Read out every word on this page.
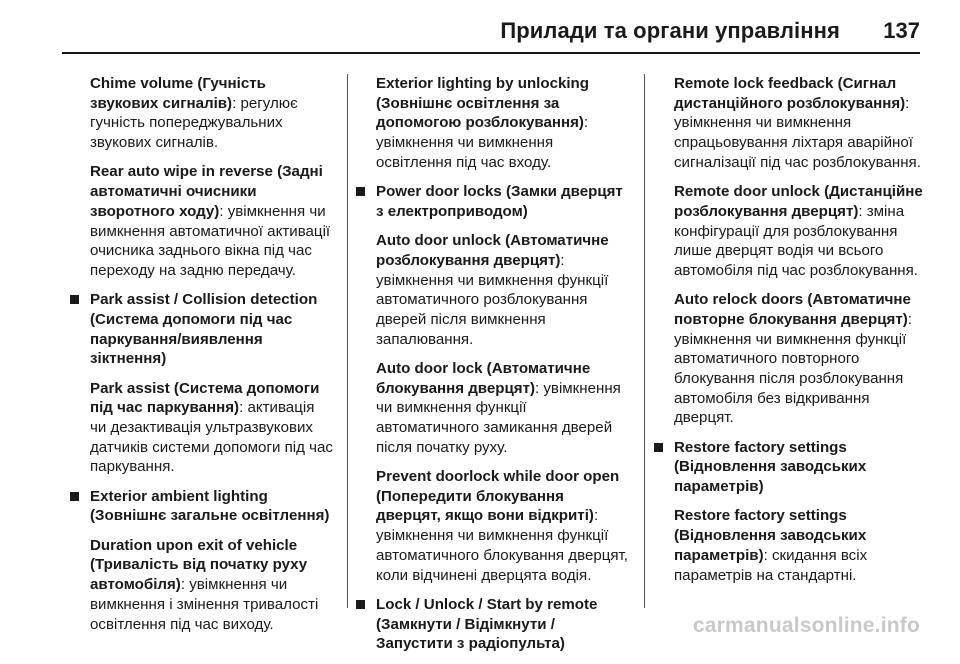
Прилади та органи управління 137
Chime volume (Гучність звукових сигналів): регулює гучність попереджувальних звукових сигналів.
Rear auto wipe in reverse (Задні автоматичні очисники зворотного ходу): увімкнення чи вимкнення автоматичної активації очисника заднього вікна під час переходу на задню передачу.
Park assist / Collision detection (Система допомоги під час паркування/виявлення зіктнення)
Park assist (Система допомоги під час паркування): активація чи дезактивація ультразвукових датчиків системи допомоги під час паркування.
Exterior ambient lighting (Зовнішнє загальне освітлення)
Duration upon exit of vehicle (Тривалість від початку руху автомобіля): увімкнення чи вимкнення і змінення тривалості освітлення під час виходу.
Exterior lighting by unlocking (Зовнішнє освітлення за допомогою розблокування): увімкнення чи вимкнення освітлення під час входу.
Power door locks (Замки дверцят з електроприводом)
Auto door unlock (Автоматичне розблокування дверцят): увімкнення чи вимкнення функції автоматичного розблокування дверей після вимкнення запалювання.
Auto door lock (Автоматичне блокування дверцят): увімкнення чи вимкнення функції автоматичного замикання дверей після початку руху.
Prevent doorlock while door open (Попередити блокування дверцят, якщо вони відкриті): увімкнення чи вимкнення функції автоматичного блокування дверцят, коли відчинені дверцята водія.
Lock / Unlock / Start by remote (Замкнути / Відімкнути / Запустити з радіопульта)
Remote lock feedback (Сигнал дистанційного розблокування): увімкнення чи вимкнення спрацьовування ліхтаря аварійної сигналізації під час розблокування.
Remote door unlock (Дистанційне розблокування дверцят): зміна конфігурації для розблокування лише дверцят водія чи всього автомобіля під час розблокування.
Auto relock doors (Автоматичне повторне блокування дверцят): увімкнення чи вимкнення функції автоматичного повторного блокування після розблокування автомобіля без відкривання дверцят.
Restore factory settings (Відновлення заводських параметрів)
Restore factory settings (Відновлення заводських параметрів): скидання всіх параметрів на стандартні.
carmanualsonline.info
